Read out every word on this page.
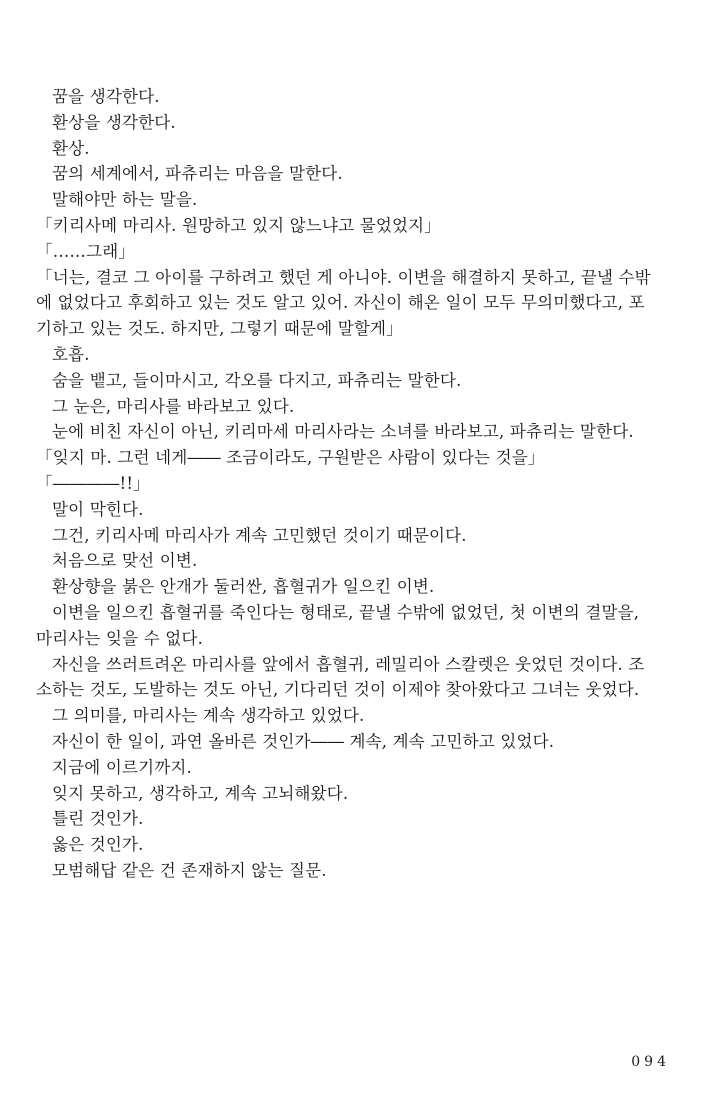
꿈을 생각한다.
환상을 생각한다.
환상.
꿈의 세계에서, 파츄리는 마음을 말한다.
말해야만 하는 말을.
「키리사메 마리사. 원망하고 있지 않느냐고 물었었지」
「……그래」
「너는, 결코 그 아이를 구하려고 했던 게 아니야. 이변을 해결하지 못하고, 끝낼 수밖
에 없었다고 후회하고 있는 것도 알고 있어. 자신이 해온 일이 모두 무의미했다고, 포
기하고 있는 것도. 하지만, 그렇기 때문에 말할게」
호흡.
숨을 뱉고, 들이마시고, 각오를 다지고, 파츄리는 말한다.
그 눈은, 마리사를 바라보고 있다.
눈에 비친 자신이 아닌, 키리마세 마리사라는 소녀를 바라보고, 파츄리는 말한다.
「잊지 마. 그런 네게―― 조금이라도, 구원받은 사람이 있다는 것을」
「――――!!」
말이 막힌다.
그건, 키리사메 마리사가 계속 고민했던 것이기 때문이다.
처음으로 맞선 이변.
환상향을 붉은 안개가 둘러싼, 흡혈귀가 일으킨 이변.
이변을 일으킨 흡혈귀를 죽인다는 형태로, 끝낼 수밖에 없었던, 첫 이변의 결말을,
마리사는 잊을 수 없다.
자신을 쓰러트려온 마리사를 앞에서 흡혈귀, 레밀리아 스칼렛은 웃었던 것이다. 조
소하는 것도, 도발하는 것도 아닌, 기다리던 것이 이제야 찾아왔다고 그녀는 웃었다.
그 의미를, 마리사는 계속 생각하고 있었다.
자신이 한 일이, 과연 올바른 것인가―― 계속, 계속 고민하고 있었다.
지금에 이르기까지.
잊지 못하고, 생각하고, 계속 고뇌해왔다.
틀린 것인가.
옳은 것인가.
모범해답 같은 건 존재하지 않는 질문.
094
